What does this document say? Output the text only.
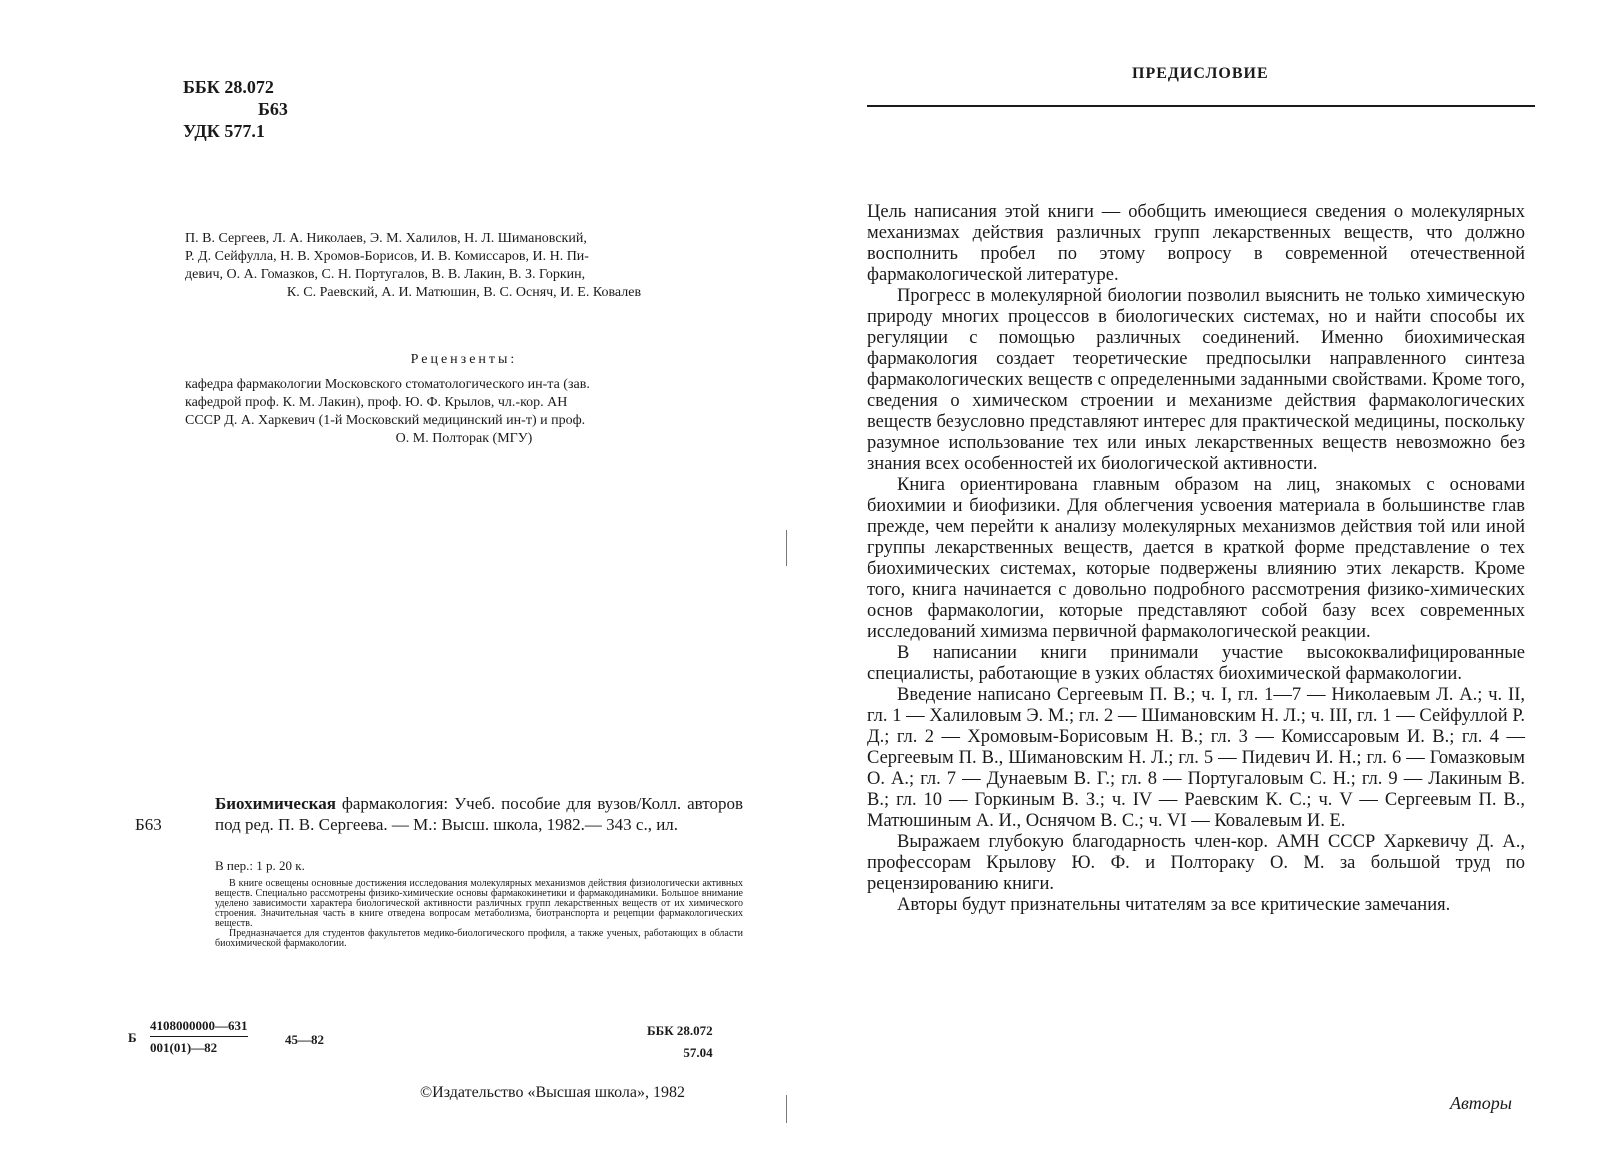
ББК 28.072
Б63
УДК 577.1
П. В. Сергеев, Л. А. Николаев, Э. М. Халилов, Н. Л. Шимановский,
Р. Д. Сейфулла, Н. В. Хромов-Борисов, И. В. Комиссаров, И. Н. Пи-
девич, О. А. Гомазков, С. Н. Португалов, В. В. Лакин, В. З. Горкин,
К. С. Раевский, А. И. Матюшин, В. С. Осняч, И. Е. Ковалев
Рецензенты:
кафедра фармакологии Московского стоматологического ин-та (зав.
кафедрой проф. К. М. Лакин), проф. Ю. Ф. Крылов, чл.-кор. АН
СССР Д. А. Харкевич (1-й Московский медицинский ин-т) и проф.
О. М. Полторак (МГУ)
Б63
Биохимическая фармакология: Учеб. пособие для вузов/Колл. авторов под ред. П. В. Сергеева. — М.: Высш. школа, 1982.— 343 с., ил.
В пер.: 1 р. 20 к.

В книге освещены основные достижения исследования молекулярных механизмов действия физиологически активных веществ. Специально рассмотрены физико-химические основы фармакокинетики и фармакодинамики. Большое внимание уделено зависимости характера биологической активности различных групп лекарственных веществ от их химического строения. Значительная часть в книге отведена вопросам метаболизма, биотранспорта и рецепции фармакологических веществ.

Предназначается для студентов факультетов медико-биологического профиля, а также ученых, работающих в области биохимической фармакологии.

Б $\frac{4108000000—631}{001(01)—82}$	45—82
ББК 28.072
57.04
©Издательство «Высшая школа», 1982
ПРЕДИСЛОВИЕ

Цель написания этой книги — обобщить имеющиеся сведения о молекулярных механизмах действия различных групп лекарственных веществ, что должно восполнить пробел по этому вопросу в современной отечественной фармакологической литературе.

Прогресс в молекулярной биологии позволил выяснить не только химическую природу многих процессов в биологических системах, но и найти способы их регуляции с помощью различных соединений. Именно биохимическая фармакология создает теоретические предпосылки направленного синтеза фармакологических веществ с определенными заданными свойствами. Кроме того, сведения о химическом строении и механизме действия фармакологических веществ безусловно представляют интерес для практической медицины, поскольку разумное использование тех или иных лекарственных веществ невозможно без знания всех особенностей их биологической активности.

Книга ориентирована главным образом на лиц, знакомых с основами биохимии и биофизики. Для облегчения усвоения материала в большинстве глав прежде, чем перейти к анализу молекулярных механизмов действия той или иной группы лекарственных веществ, дается в краткой форме представление о тех биохимических системах, которые подвержены влиянию этих лекарств. Кроме того, книга начинается с довольно подробного рассмотрения физико-химических основ фармакологии, которые представляют собой базу всех современных исследований химизма первичной фармакологической реакции.

В написании книги принимали участие высококвалифицированные специалисты, работающие в узких областях биохимической фармакологии.

Введение написано Сергеевым П. В.; ч. I, гл. 1—7 — Николаевым Л. А.; ч. II, гл. 1 — Халиловым Э. М.; гл. 2 — Шимановским Н. Л.; ч. III, гл. 1 — Сейфуллой Р. Д.; гл. 2 — Хромовым-Борисовым Н. В.; гл. 3 — Комиссаровым И. В.; гл. 4 — Сергеевым П. В., Шимановским Н. Л.; гл. 5 — Пидевич И. Н.; гл. 6 — Гомазковым О. А.; гл. 7 — Дунаевым В. Г.; гл. 8 — Португаловым С. Н.; гл. 9 — Лакиным В. В.; гл. 10 — Горкиным В. З.; ч. IV — Раевским К. С.; ч. V — Сергеевым П. В., Матюшиным А. И., Оснячом В. С.; ч. VI — Ковалевым И. Е.

Выражаем глубокую благодарность член-кор. АМН СССР Харкевичу Д. А., профессорам Крылову Ю. Ф. и Полтораку О. М. за большой труд по рецензированию книги.

Авторы будут признательны читателям за все критические замечания.

Авторы
